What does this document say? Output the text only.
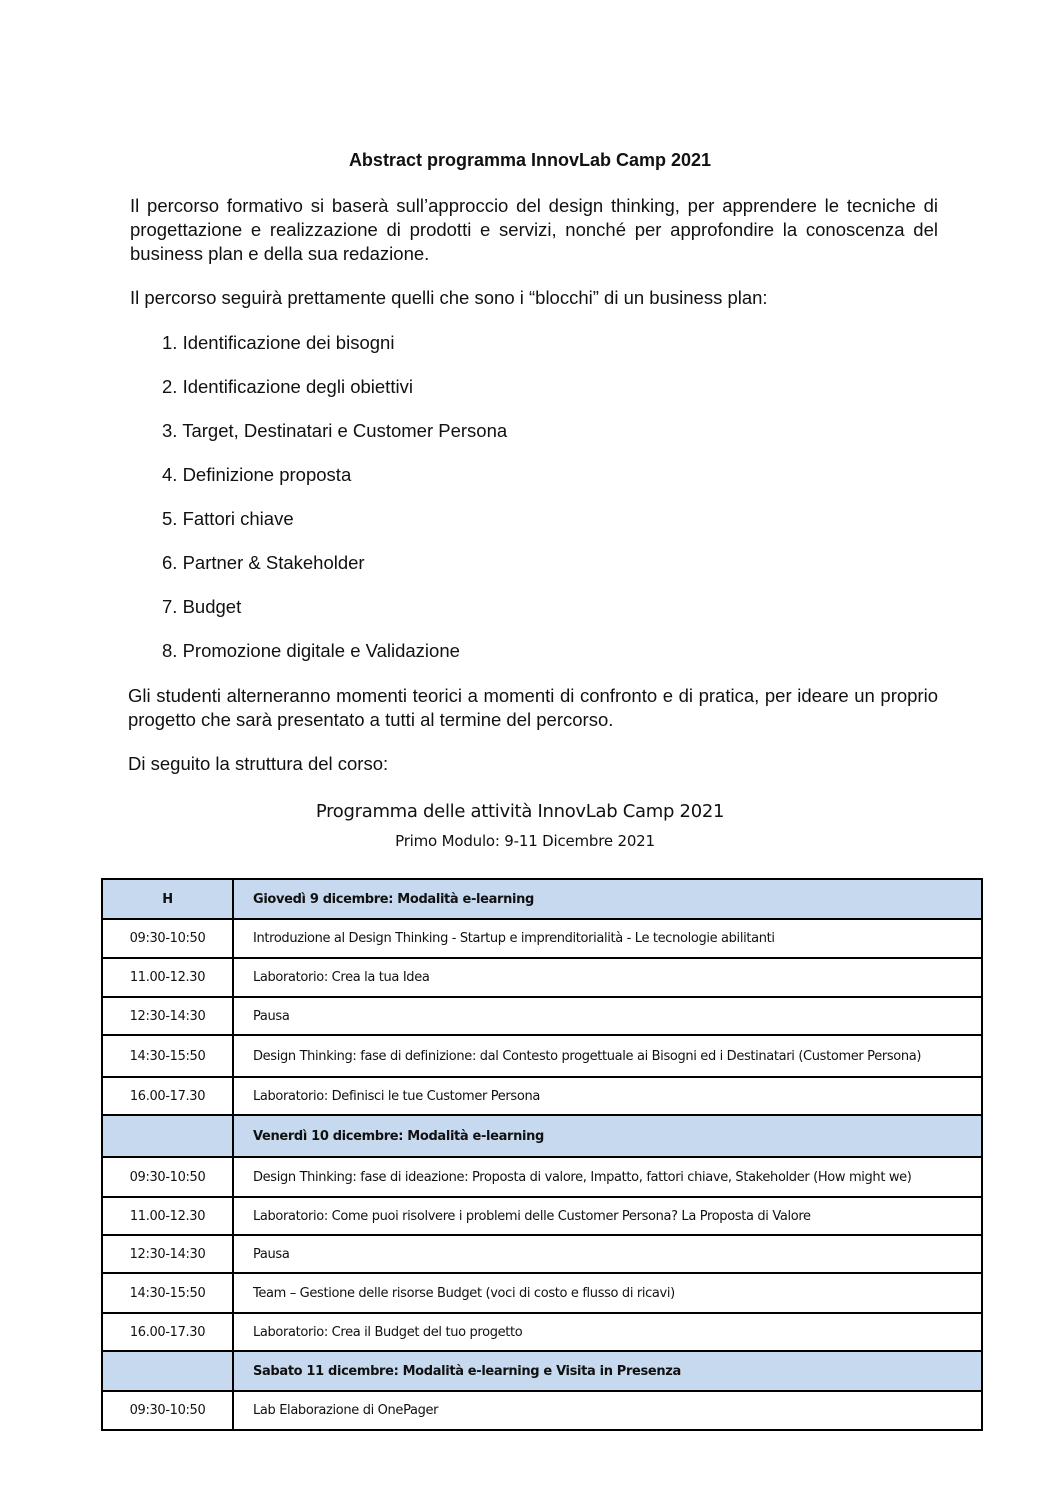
Abstract programma InnovLab Camp 2021
Il percorso formativo si baserà sull’approccio del design thinking, per apprendere le tecniche di progettazione e realizzazione di prodotti e servizi, nonché per approfondire la conoscenza del business plan e della sua redazione.
Il percorso seguirà prettamente quelli che sono i “blocchi” di un business plan:
1. Identificazione dei bisogni
2. Identificazione degli obiettivi
3. Target, Destinatari e Customer Persona
4. Definizione proposta
5. Fattori chiave
6. Partner & Stakeholder
7. Budget
8. Promozione digitale e Validazione
Gli studenti alterneranno momenti teorici a momenti di confronto e di pratica, per ideare un proprio progetto che sarà presentato a tutti al termine del percorso.
Di seguito la struttura del corso:
Programma delle attività InnovLab Camp 2021
Primo Modulo: 9-11 Dicembre 2021
H	Giovedì 9 dicembre: Modalità e-learning
09:30-10:50	Introduzione al Design Thinking - Startup e imprenditorialità - Le tecnologie abilitanti
11.00-12.30	Laboratorio: Crea la tua Idea
12:30-14:30	Pausa
14:30-15:50	Design Thinking: fase di definizione: dal Contesto progettuale ai Bisogni ed i Destinatari (Customer Persona)
16.00-17.30	Laboratorio: Definisci le tue Customer Persona
	Venerdì 10 dicembre: Modalità e-learning
09:30-10:50	Design Thinking: fase di ideazione: Proposta di valore, Impatto, fattori chiave, Stakeholder (How might we)
11.00-12.30	Laboratorio: Come puoi risolvere i problemi delle Customer Persona? La Proposta di Valore
12:30-14:30	Pausa
14:30-15:50	Team – Gestione delle risorse Budget (voci di costo e flusso di ricavi)
16.00-17.30	Laboratorio: Crea il Budget del tuo progetto
	Sabato 11 dicembre: Modalità e-learning e Visita in Presenza
09:30-10:50	Lab Elaborazione di OnePager
